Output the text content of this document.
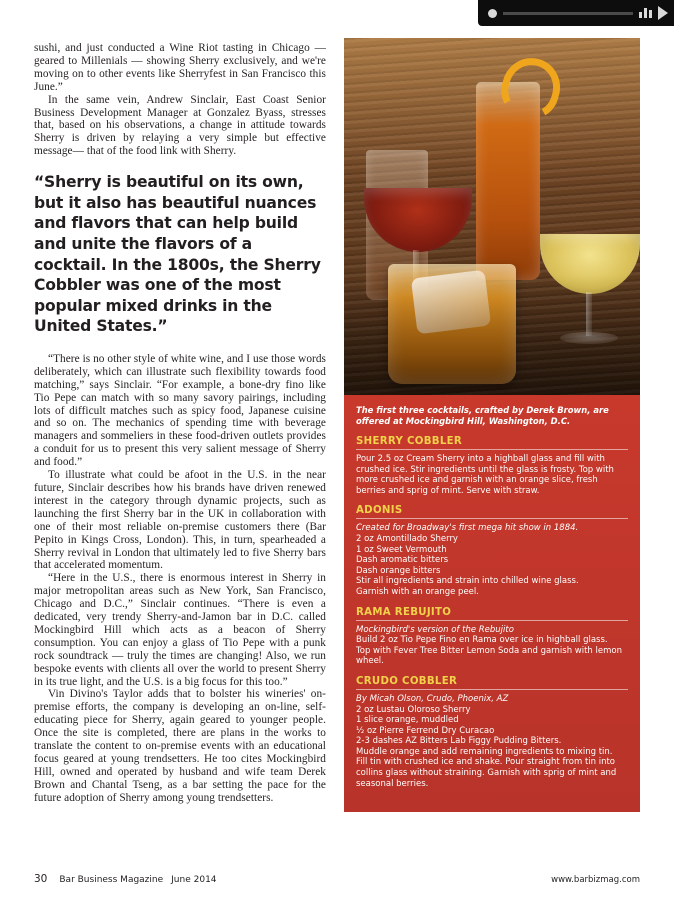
sushi, and just conducted a Wine Riot tasting in Chicago — geared to Millenials — showing Sherry exclusively, and we're moving on to other events like Sherryfest in San Francisco this June.”

In the same vein, Andrew Sinclair, East Coast Senior Business Development Manager at Gonzalez Byass, stresses that, based on his observations, a change in attitude towards Sherry is driven by relaying a very simple but effective message— that of the food link with Sherry.

“Sherry is beautiful on its own, but it also has beautiful nuances and flavors that can help build and unite the flavors of a cocktail. In the 1800s, the Sherry Cobbler was one of the most popular mixed drinks in the United States.”

“There is no other style of white wine, and I use those words deliberately, which can illustrate such flexibility towards food matching,” says Sinclair. “For example, a bone-dry fino like Tio Pepe can match with so many savory pairings, including lots of difficult matches such as spicy food, Japanese cuisine and so on. The mechanics of spending time with beverage managers and sommeliers in these food-driven outlets provides a conduit for us to present this very salient message of Sherry and food.”

To illustrate what could be afoot in the U.S. in the near future, Sinclair describes how his brands have driven renewed interest in the category through dynamic projects, such as launching the first Sherry bar in the UK in collaboration with one of their most reliable on-premise customers there (Bar Pepito in Kings Cross, London). This, in turn, spearheaded a Sherry revival in London that ultimately led to five Sherry bars that accelerated momentum.

“Here in the U.S., there is enormous interest in Sherry in major metropolitan areas such as New York, San Francisco, Chicago and D.C.,” Sinclair continues. “There is even a dedicated, very trendy Sherry-and-Jamon bar in D.C. called Mockingbird Hill which acts as a beacon of Sherry consumption. You can enjoy a glass of Tio Pepe with a punk rock soundtrack — truly the times are changing! Also, we run bespoke events with clients all over the world to present Sherry in its true light, and the U.S. is a big focus for this too.”

Vin Divino's Taylor adds that to bolster his wineries' on-premise efforts, the company is developing an on-line, self-educating piece for Sherry, again geared to younger people. Once the site is completed, there are plans in the works to translate the content to on-premise events with an educational focus geared at young trendsetters. He too cites Mockingbird Hill, owned and operated by husband and wife team Derek Brown and Chantal Tseng, as a bar setting the pace for the future adoption of Sherry among young trendsetters.

The first three cocktails, crafted by Derek Brown, are offered at Mockingbird Hill, Washington, D.C.
SHERRY COBBLER
Pour 2.5 oz Cream Sherry into a highball glass and fill with crushed ice. Stir ingredients until the glass is frosty. Top with more crushed ice and garnish with an orange slice, fresh berries and sprig of mint. Serve with straw.
ADONIS
Created for Broadway's first mega hit show in 1884.
2 oz Amontillado Sherry
1 oz Sweet Vermouth
Dash aromatic bitters
Dash orange bitters
Stir all ingredients and strain into chilled wine glass.
Garnish with an orange peel.
RAMA REBUJITO
Mockingbird's version of the Rebujito
Build 2 oz Tio Pepe Fino en Rama over ice in highball glass.
Top with Fever Tree Bitter Lemon Soda and garnish with lemon wheel.
CRUDO COBBLER
By Micah Olson, Crudo, Phoenix, AZ
2 oz Lustau Oloroso Sherry
1 slice orange, muddled
½ oz Pierre Ferrend Dry Curacao
2-3 dashes AZ Bitters Lab Figgy Pudding Bitters.
Muddle orange and add remaining ingredients to mixing tin.
Fill tin with crushed ice and shake. Pour straight from tin into collins glass without straining. Garnish with sprig of mint and seasonal berries.
30 Bar Business Magazine June 2014	www.barbizmag.com
